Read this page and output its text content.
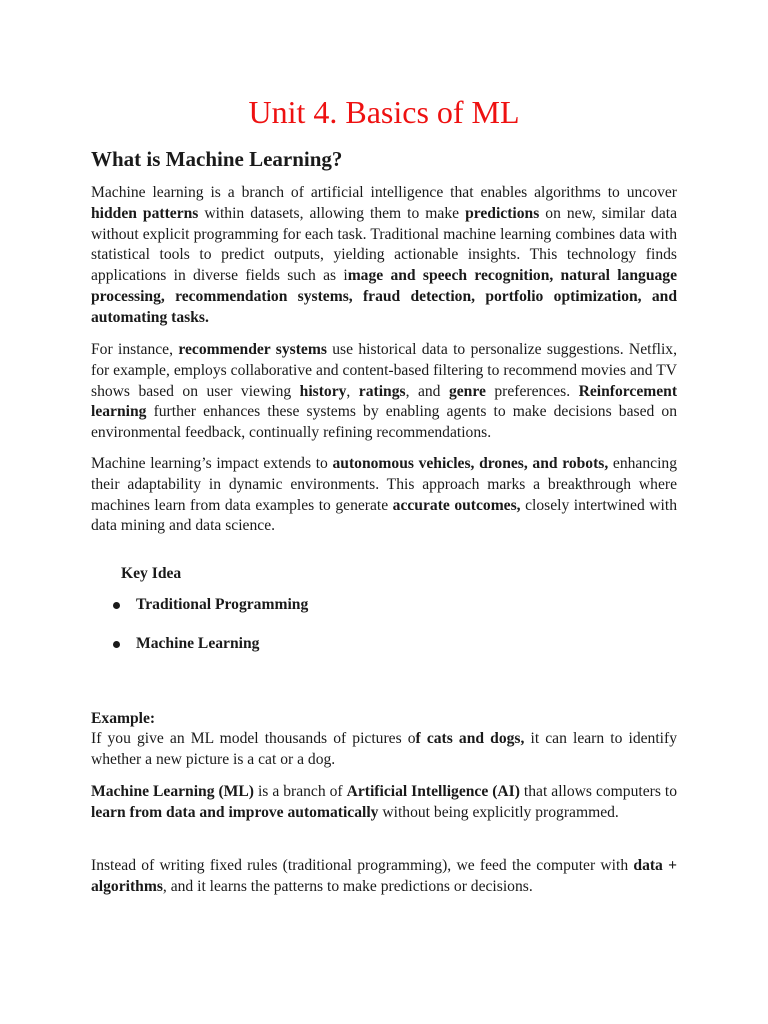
Unit 4. Basics of ML
What is Machine Learning?

Machine learning is a branch of artificial intelligence that enables algorithms to uncover hidden patterns within datasets, allowing them to make predictions on new, similar data without explicit programming for each task. Traditional machine learning combines data with statistical tools to predict outputs, yielding actionable insights. This technology finds applications in diverse fields such as image and speech recognition, natural language processing, recommendation systems, fraud detection, portfolio optimization, and automating tasks.

For instance, recommender systems use historical data to personalize suggestions. Netflix, for example, employs collaborative and content-based filtering to recommend movies and TV shows based on user viewing history, ratings, and genre preferences. Reinforcement learning further enhances these systems by enabling agents to make decisions based on environmental feedback, continually refining recommendations.

Machine learning’s impact extends to autonomous vehicles, drones, and robots, enhancing their adaptability in dynamic environments. This approach marks a breakthrough where machines learn from data examples to generate accurate outcomes, closely intertwined with data mining and data science.

Key Idea

Traditional Programming
Machine Learning

Example:

If you give an ML model thousands of pictures of cats and dogs, it can learn to identify whether a new picture is a cat or a dog.

Machine Learning (ML) is a branch of Artificial Intelligence (AI) that allows computers to learn from data and improve automatically without being explicitly programmed.

Instead of writing fixed rules (traditional programming), we feed the computer with data + algorithms, and it learns the patterns to make predictions or decisions.
